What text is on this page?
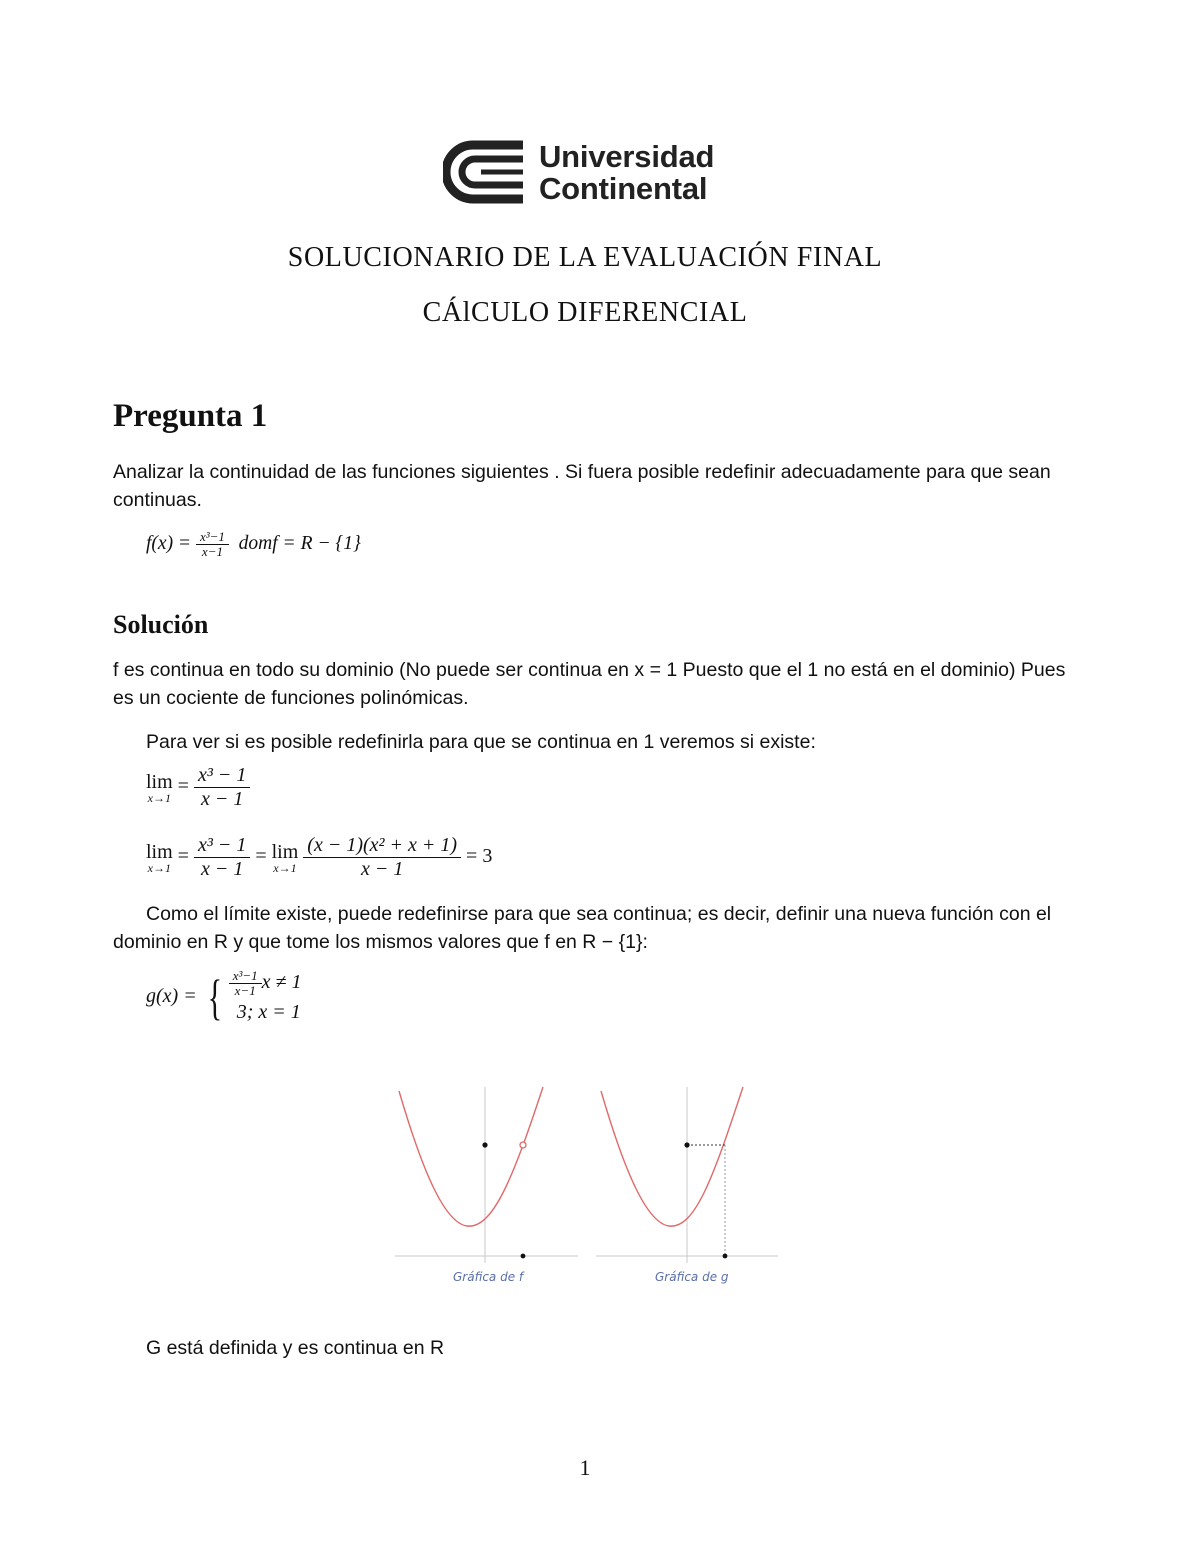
Universidad
Continental
SOLUCIONARIO DE LA EVALUACIÓN FINAL
CÁlCULO DIFERENCIAL
Pregunta 1
Analizar la continuidad de las funciones siguientes . Si fuera posible redefinir adecuadamente para que sean continuas.
$f(x) = \frac{\text{x³−1}}{x-1}$ domf = R − {1}
Solución
f es continua en todo su dominio (No puede ser continua en x = 1 Puesto que el 1 no está en el dominio) Pues es un cociente de funciones polinómicas.
Para ver si es posible redefinirla para que se continua en 1 veremos si existe:
lim
x→1
= $\frac{\text{x³ − 1}}{x - 1}$
lim
x→1
= $\frac{\text{x³ − 1}}{x - 1} = \lim$
x→1
$\frac{\text{(x − 1)(x² + x + 1)}}{x - 1} = 3$
Como el límite existe, puede redefinirse para que sea continua; es decir, definir una nueva función con el dominio en R y que tome los mismos valores que f en R − {1}:
g(x) = { $\frac{\text{x³−1}}{x-1}$ x ≠ 1
3; x = 1
Gráfica de f	Gráfica de g
G está definida y es continua en R
1
